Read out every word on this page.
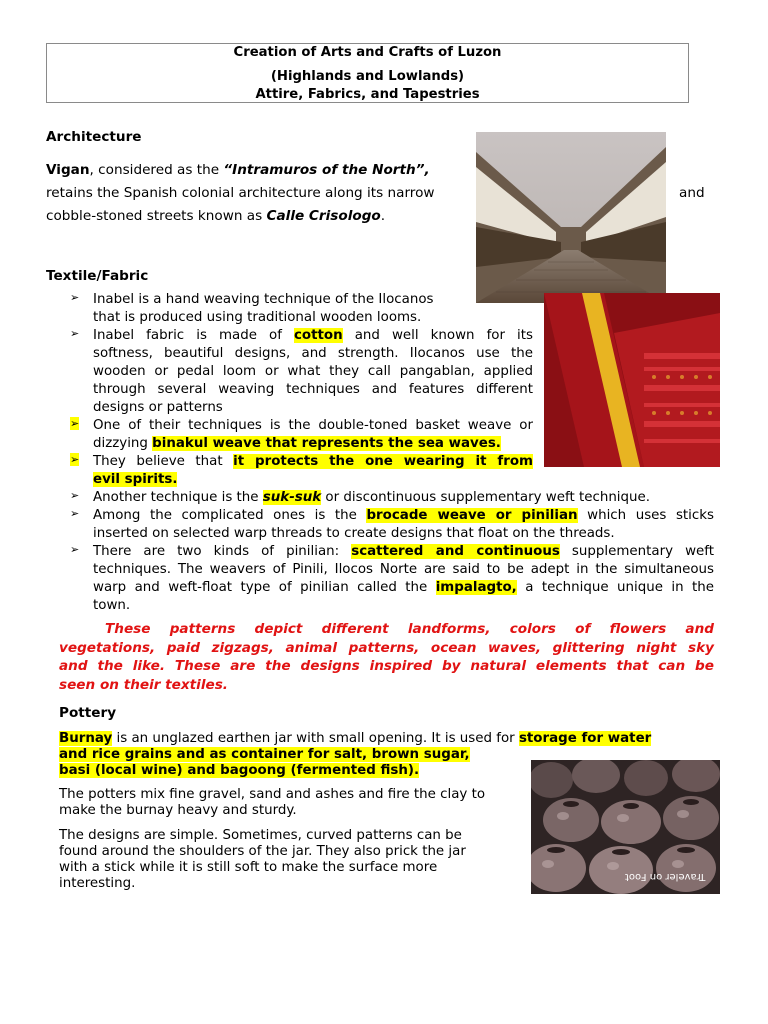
Creation of Arts and Crafts of Luzon
(Highlands and Lowlands)
Attire, Fabrics, and Tapestries
Architecture
Vigan, considered as the “Intramuros of the North”,
retains the Spanish colonial architecture along its narrow	and
cobble-stoned streets known as Calle Crisologo.
Textile/Fabric
➢ Inabel is a hand weaving technique of the Ilocanos
that is produced using traditional wooden looms.
➢ Inabel fabric is made of cotton and well known for its
softness, beautiful designs, and strength. Ilocanos use the
wooden or pedal loom or what they call pangablan, applied
through several weaving techniques and features different
designs or patterns
➢ One of their techniques is the double-toned basket weave or
dizzying binakul weave that represents the sea waves.
➢ They believe that it protects the one wearing it from
evil spirits.
➢ Another technique is the suk-suk or discontinuous supplementary weft technique.
➢ Among the complicated ones is the brocade weave or pinilian which uses sticks
inserted on selected warp threads to create designs that float on the threads.
➢ There are two kinds of pinilian: scattered and continuous supplementary weft
techniques. The weavers of Pinili, Ilocos Norte are said to be adept in the simultaneous
warp and weft-float type of pinilian called the impalagto, a technique unique in the
town.
These patterns depict different landforms, colors of flowers and
vegetations, paid zigzags, animal patterns, ocean waves, glittering night sky
and the like. These are the designs inspired by natural elements that can be
seen on their textiles.
Pottery
Burnay is an unglazed earthen jar with small opening. It is used for storage for water
and rice grains and as container for salt, brown sugar,
basi (local wine) and bagoong (fermented fish).
The potters mix fine gravel, sand and ashes and fire the clay to
make the burnay heavy and sturdy.
The designs are simple. Sometimes, curved patterns can be
found around the shoulders of the jar. They also prick the jar
with a stick while it is still soft to make the surface more
interesting.	Traveler on Foot
